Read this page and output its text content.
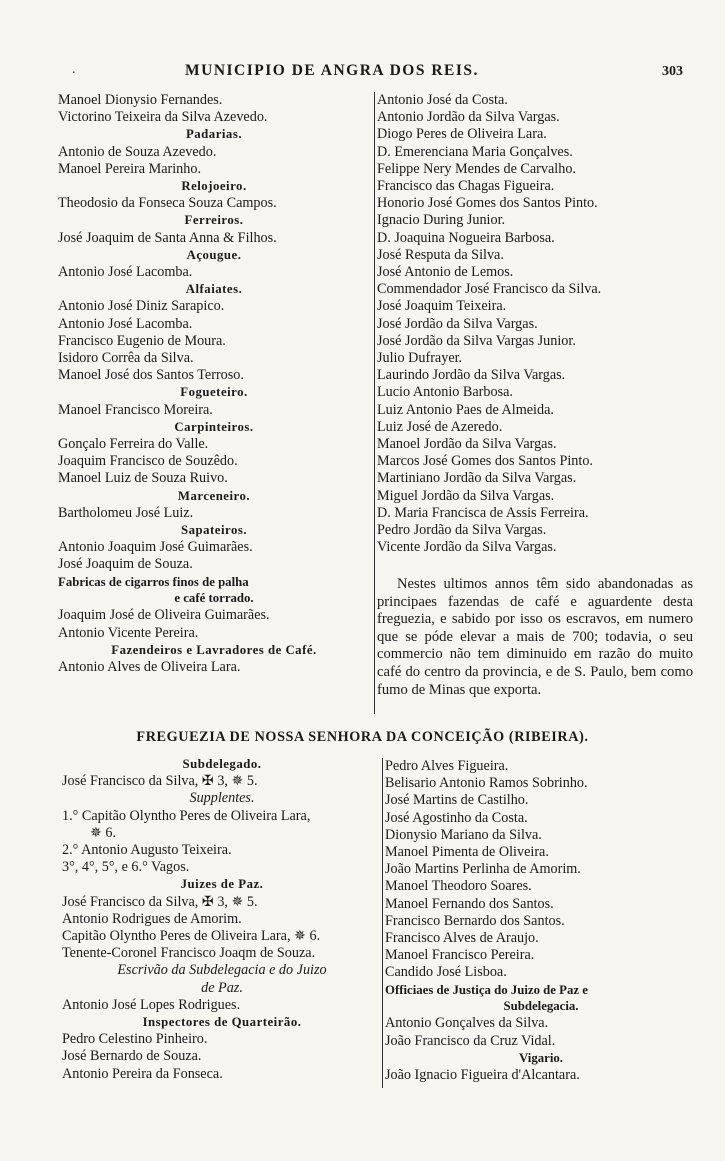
.	MUNICIPIO DE ANGRA DOS REIS.	303
Manoel Dionysio Fernandes.
Victorino Teixeira da Silva Azevedo.
Padarias.
Antonio de Souza Azevedo.
Manoel Pereira Marinho.
Relojoeiro.
Theodosio da Fonseca Souza Campos.
Ferreiros.
José Joaquim de Santa Anna & Filhos.
Açougue.
Antonio José Lacomba.
Alfaiates.
Antonio José Diniz Sarapico.
Antonio José Lacomba.
Francisco Eugenio de Moura.
Isidoro Corrêa da Silva.
Manoel José dos Santos Terroso.
Fogueteiro.
Manoel Francisco Moreira.
Carpinteiros.
Gonçalo Ferreira do Valle.
Joaquim Francisco de Souzêdo.
Manoel Luiz de Souza Ruivo.
Marceneiro.
Bartholomeu José Luiz.
Sapateiros.
Antonio Joaquim José Guimarães.
José Joaquim de Souza.
Fabricas de cigarros finos de palha
e café torrado.
Joaquim José de Oliveira Guimarães.
Antonio Vicente Pereira.
Fazendeiros e Lavradores de Café.
Antonio Alves de Oliveira Lara.
Antonio José da Costa.
Antonio Jordão da Silva Vargas.
Diogo Peres de Oliveira Lara.
D. Emerenciana Maria Gonçalves.
Felippe Nery Mendes de Carvalho.
Francisco das Chagas Figueira.
Honorio José Gomes dos Santos Pinto.
Ignacio During Junior.
D. Joaquina Nogueira Barbosa.
José Resputa da Silva.
José Antonio de Lemos.
Commendador José Francisco da Silva.
José Joaquim Teixeira.
José Jordão da Silva Vargas.
José Jordão da Silva Vargas Junior.
Julio Dufrayer.
Laurindo Jordão da Silva Vargas.
Lucio Antonio Barbosa.
Luiz Antonio Paes de Almeida.
Luiz José de Azeredo.
Manoel Jordão da Silva Vargas.
Marcos José Gomes dos Santos Pinto.
Martiniano Jordão da Silva Vargas.
Miguel Jordão da Silva Vargas.
D. Maria Francisca de Assis Ferreira.
Pedro Jordão da Silva Vargas.
Vicente Jordão da Silva Vargas.
Nestes ultimos annos têm sido abandonadas as principaes fazendas de café e aguardente desta freguezia, e sabido por isso os escravos, em numero que se póde elevar a mais de 700; todavia, o seu commercio não tem diminuido em razão do muito café do centro da provincia, e de S. Paulo, bem como fumo de Minas que exporta.
FREGUEZIA DE NOSSA SENHORA DA CONCEIÇÃO (RIBEIRA).
Subdelegado.
José Francisco da Silva, ✠ 3, ✵ 5.
Supplentes.
1.° Capitão Olyntho Peres de Oliveira Lara,
✵ 6.
2.° Antonio Augusto Teixeira.
3°, 4°, 5°, e 6.° Vagos.
Juizes de Paz.
José Francisco da Silva, ✠ 3, ✵ 5.
Antonio Rodrigues de Amorim.
Capitão Olyntho Peres de Oliveira Lara, ✵ 6.
Tenente-Coronel Francisco Joaqm de Souza.
Escrivão da Subdelegacia e do Juizo
de Paz.
Antonio José Lopes Rodrigues.
Inspectores de Quarteirão.
Pedro Celestino Pinheiro.
José Bernardo de Souza.
Antonio Pereira da Fonseca.
Pedro Alves Figueira.
Belisario Antonio Ramos Sobrinho.
José Martins de Castilho.
José Agostinho da Costa.
Dionysio Mariano da Silva.
Manoel Pimenta de Oliveira.
João Martins Perlinha de Amorim.
Manoel Theodoro Soares.
Manoel Fernando dos Santos.
Francisco Bernardo dos Santos.
Francisco Alves de Araujo.
Manoel Francisco Pereira.
Candido José Lisboa.
Officiaes de Justiça do Juizo de Paz e
Subdelegacia.
Antonio Gonçalves da Silva.
João Francisco da Cruz Vidal.
Vigario.
João Ignacio Figueira d'Alcantara.
